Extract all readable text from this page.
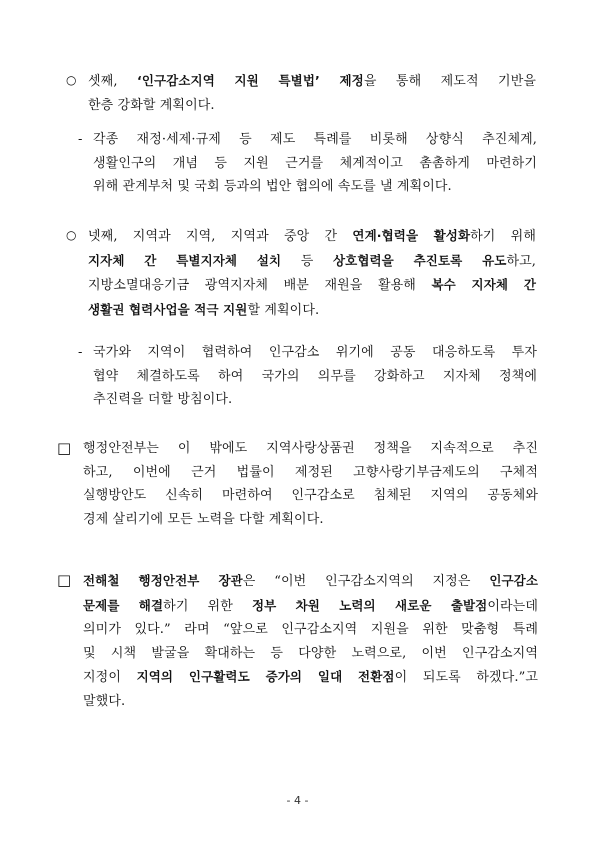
○ 셋째, ‘인구감소지역 지원 특별법’ 제정을 통해 제도적 기반을
한층 강화할 계획이다.
- 각종 재정·세제·규제 등 제도 특례를 비롯해 상향식 추진체계,
생활인구의 개념 등 지원 근거를 체계적이고 촘촘하게 마련하기
위해 관계부처 및 국회 등과의 법안 협의에 속도를 낼 계획이다.
○ 넷째, 지역과 지역, 지역과 중앙 간 연계·협력을 활성화하기 위해
지자체 간 특별지자체 설치 등 상호협력을 추진토록 유도하고,
지방소멸대응기금 광역지자체 배분 재원을 활용해 복수 지자체 간
생활권 협력사업을 적극 지원할 계획이다.
- 국가와 지역이 협력하여 인구감소 위기에 공동 대응하도록 투자
협약 체결하도록 하여 국가의 의무를 강화하고 지자체 정책에
추진력을 더할 방침이다.
□ 행정안전부는 이 밖에도 지역사랑상품권 정책을 지속적으로 추진
하고, 이번에 근거 법률이 제정된 고향사랑기부금제도의 구체적
실행방안도 신속히 마련하여 인구감소로 침체된 지역의 공동체와
경제 살리기에 모든 노력을 다할 계획이다.
□ 전해철 행정안전부 장관은 “이번 인구감소지역의 지정은 인구감소
문제를 해결하기 위한 정부 차원 노력의 새로운 출발점이라는데
의미가 있다.” 라며 “앞으로 인구감소지역 지원을 위한 맞춤형 특례
및 시책 발굴을 확대하는 등 다양한 노력으로, 이번 인구감소지역
지정이 지역의 인구활력도 증가의 일대 전환점이 되도록 하겠다.”고
말했다.
- 4 -
